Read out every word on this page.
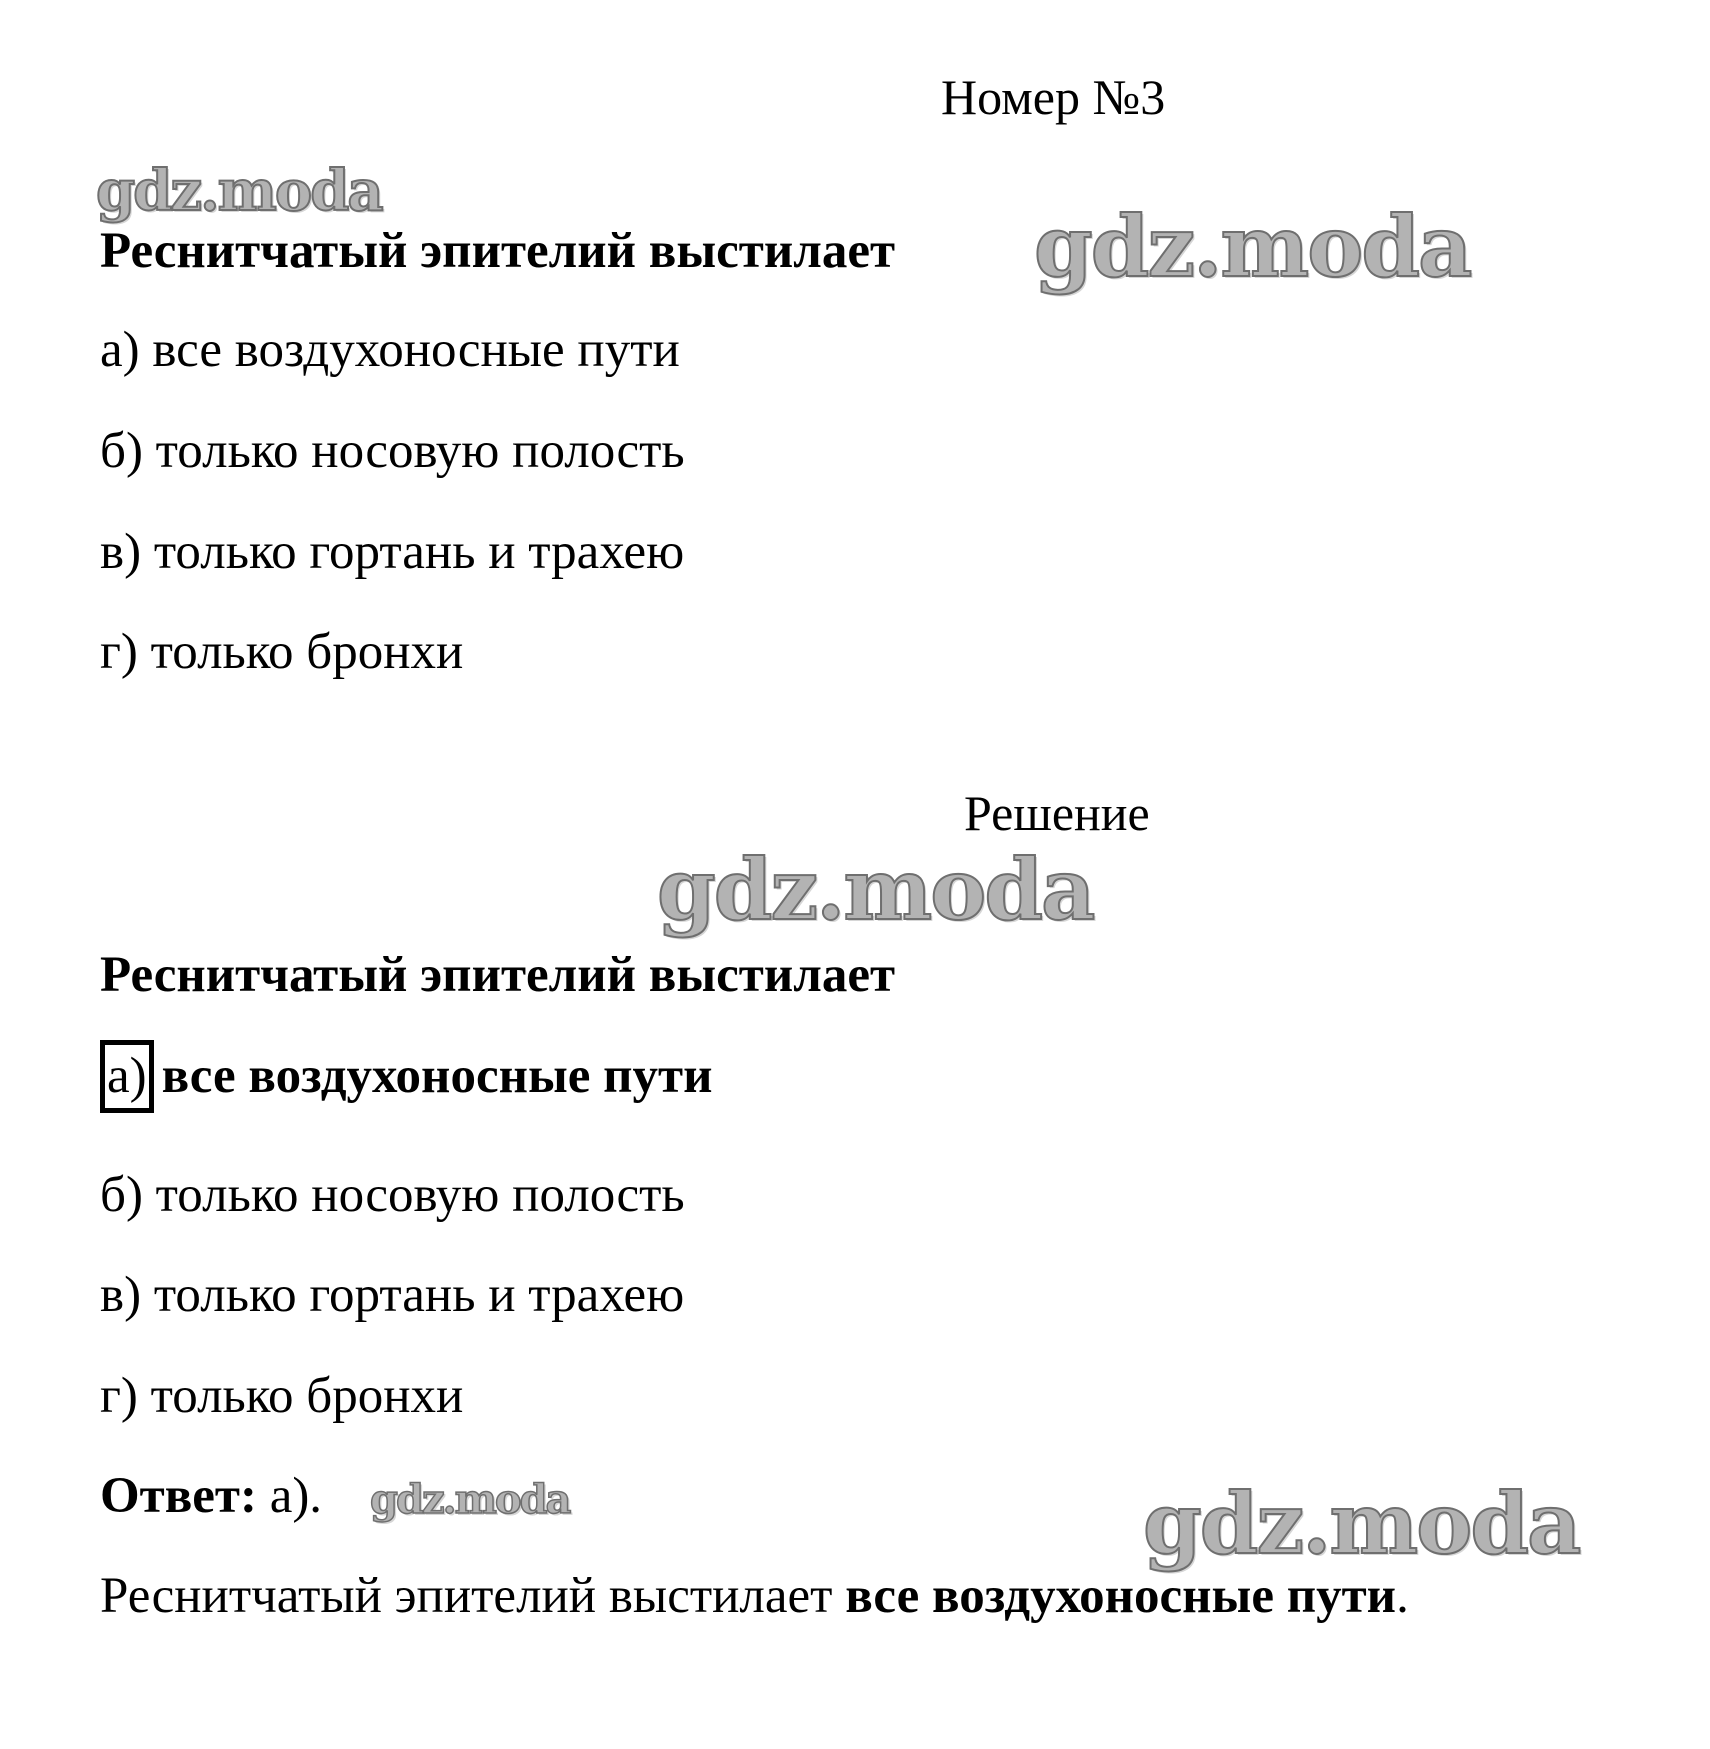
Номер №3
gdz.moda
gdz.moda
gdz.moda
gdz.moda	gdz.moda
Реснитчатый эпителий выстилает
а) все воздухоносные пути
б) только носовую полость
в) только гортань и трахею
г) только бронхи
Решение
Реснитчатый эпителий выстилает
а) все воздухоносные пути
б) только носовую полость
в) только гортань и трахею
г) только бронхи
Ответ: а).
Реснитчатый эпителий выстилает все воздухоносные пути.
